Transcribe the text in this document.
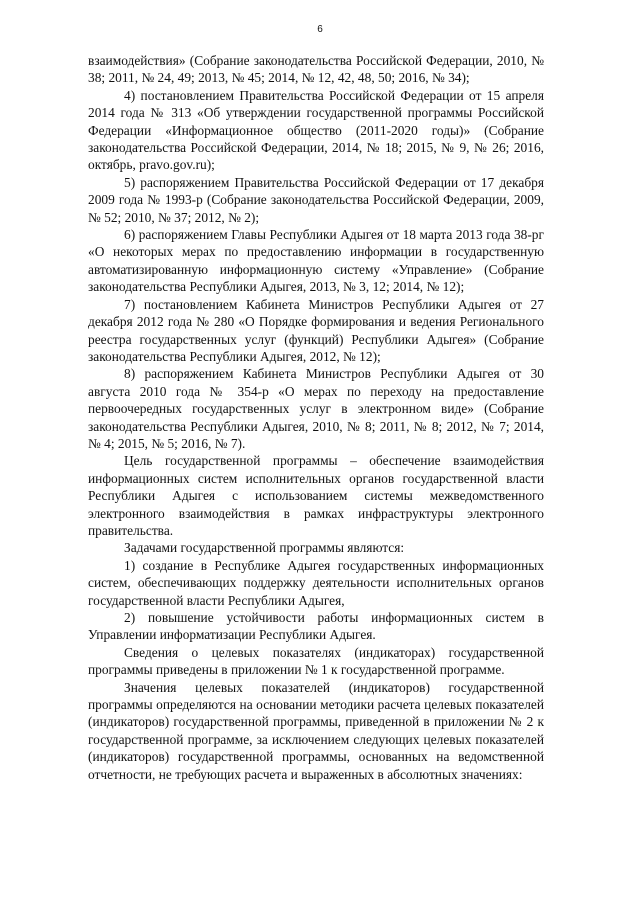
6

взаимодействия» (Собрание законодательства Российской Федерации, 2010, № 38; 2011, № 24, 49; 2013, № 45; 2014, № 12, 42, 48, 50; 2016, № 34);

4) постановлением Правительства Российской Федерации от 15 апреля 2014 года № 313 «Об утверждении государственной программы Российской Федерации «Информационное общество (2011-2020 годы)» (Собрание законодательства Российской Федерации, 2014, № 18; 2015, № 9, № 26; 2016, октябрь, pravo.gov.ru);

5) распоряжением Правительства Российской Федерации от 17 декабря 2009 года № 1993-р (Собрание законодательства Российской Федерации, 2009, № 52; 2010, № 37; 2012, № 2);

6) распоряжением Главы Республики Адыгея от 18 марта 2013 года 38-рг «О некоторых мерах по предоставлению информации в государственную автоматизированную информационную систему «Управление» (Собрание законодательства Республики Адыгея, 2013, № 3, 12; 2014, № 12);

7) постановлением Кабинета Министров Республики Адыгея от 27 декабря 2012 года № 280 «О Порядке формирования и ведения Регионального реестра государственных услуг (функций) Республики Адыгея» (Собрание законодательства Республики Адыгея, 2012, № 12);

8) распоряжением Кабинета Министров Республики Адыгея от 30 августа 2010 года № 354-р «О мерах по переходу на предоставление первоочередных государственных услуг в электронном виде» (Собрание законодательства Республики Адыгея, 2010, № 8; 2011, № 8; 2012, № 7; 2014, № 4; 2015, № 5; 2016, № 7).

Цель государственной программы – обеспечение взаимодействия информационных систем исполнительных органов государственной власти Республики Адыгея с использованием системы межведомственного электронного взаимодействия в рамках инфраструктуры электронного правительства.

Задачами государственной программы являются:

1) создание в Республике Адыгея государственных информационных систем, обеспечивающих поддержку деятельности исполнительных органов государственной власти Республики Адыгея,

2) повышение устойчивости работы информационных систем в Управлении информатизации Республики Адыгея.

Сведения о целевых показателях (индикаторах) государственной программы приведены в приложении № 1 к государственной программе.

Значения целевых показателей (индикаторов) государственной программы определяются на основании методики расчета целевых показателей (индикаторов) государственной программы, приведенной в приложении № 2 к государственной программе, за исключением следующих целевых показателей (индикаторов) государственной программы, основанных на ведомственной отчетности, не требующих расчета и выраженных в абсолютных значениях:
